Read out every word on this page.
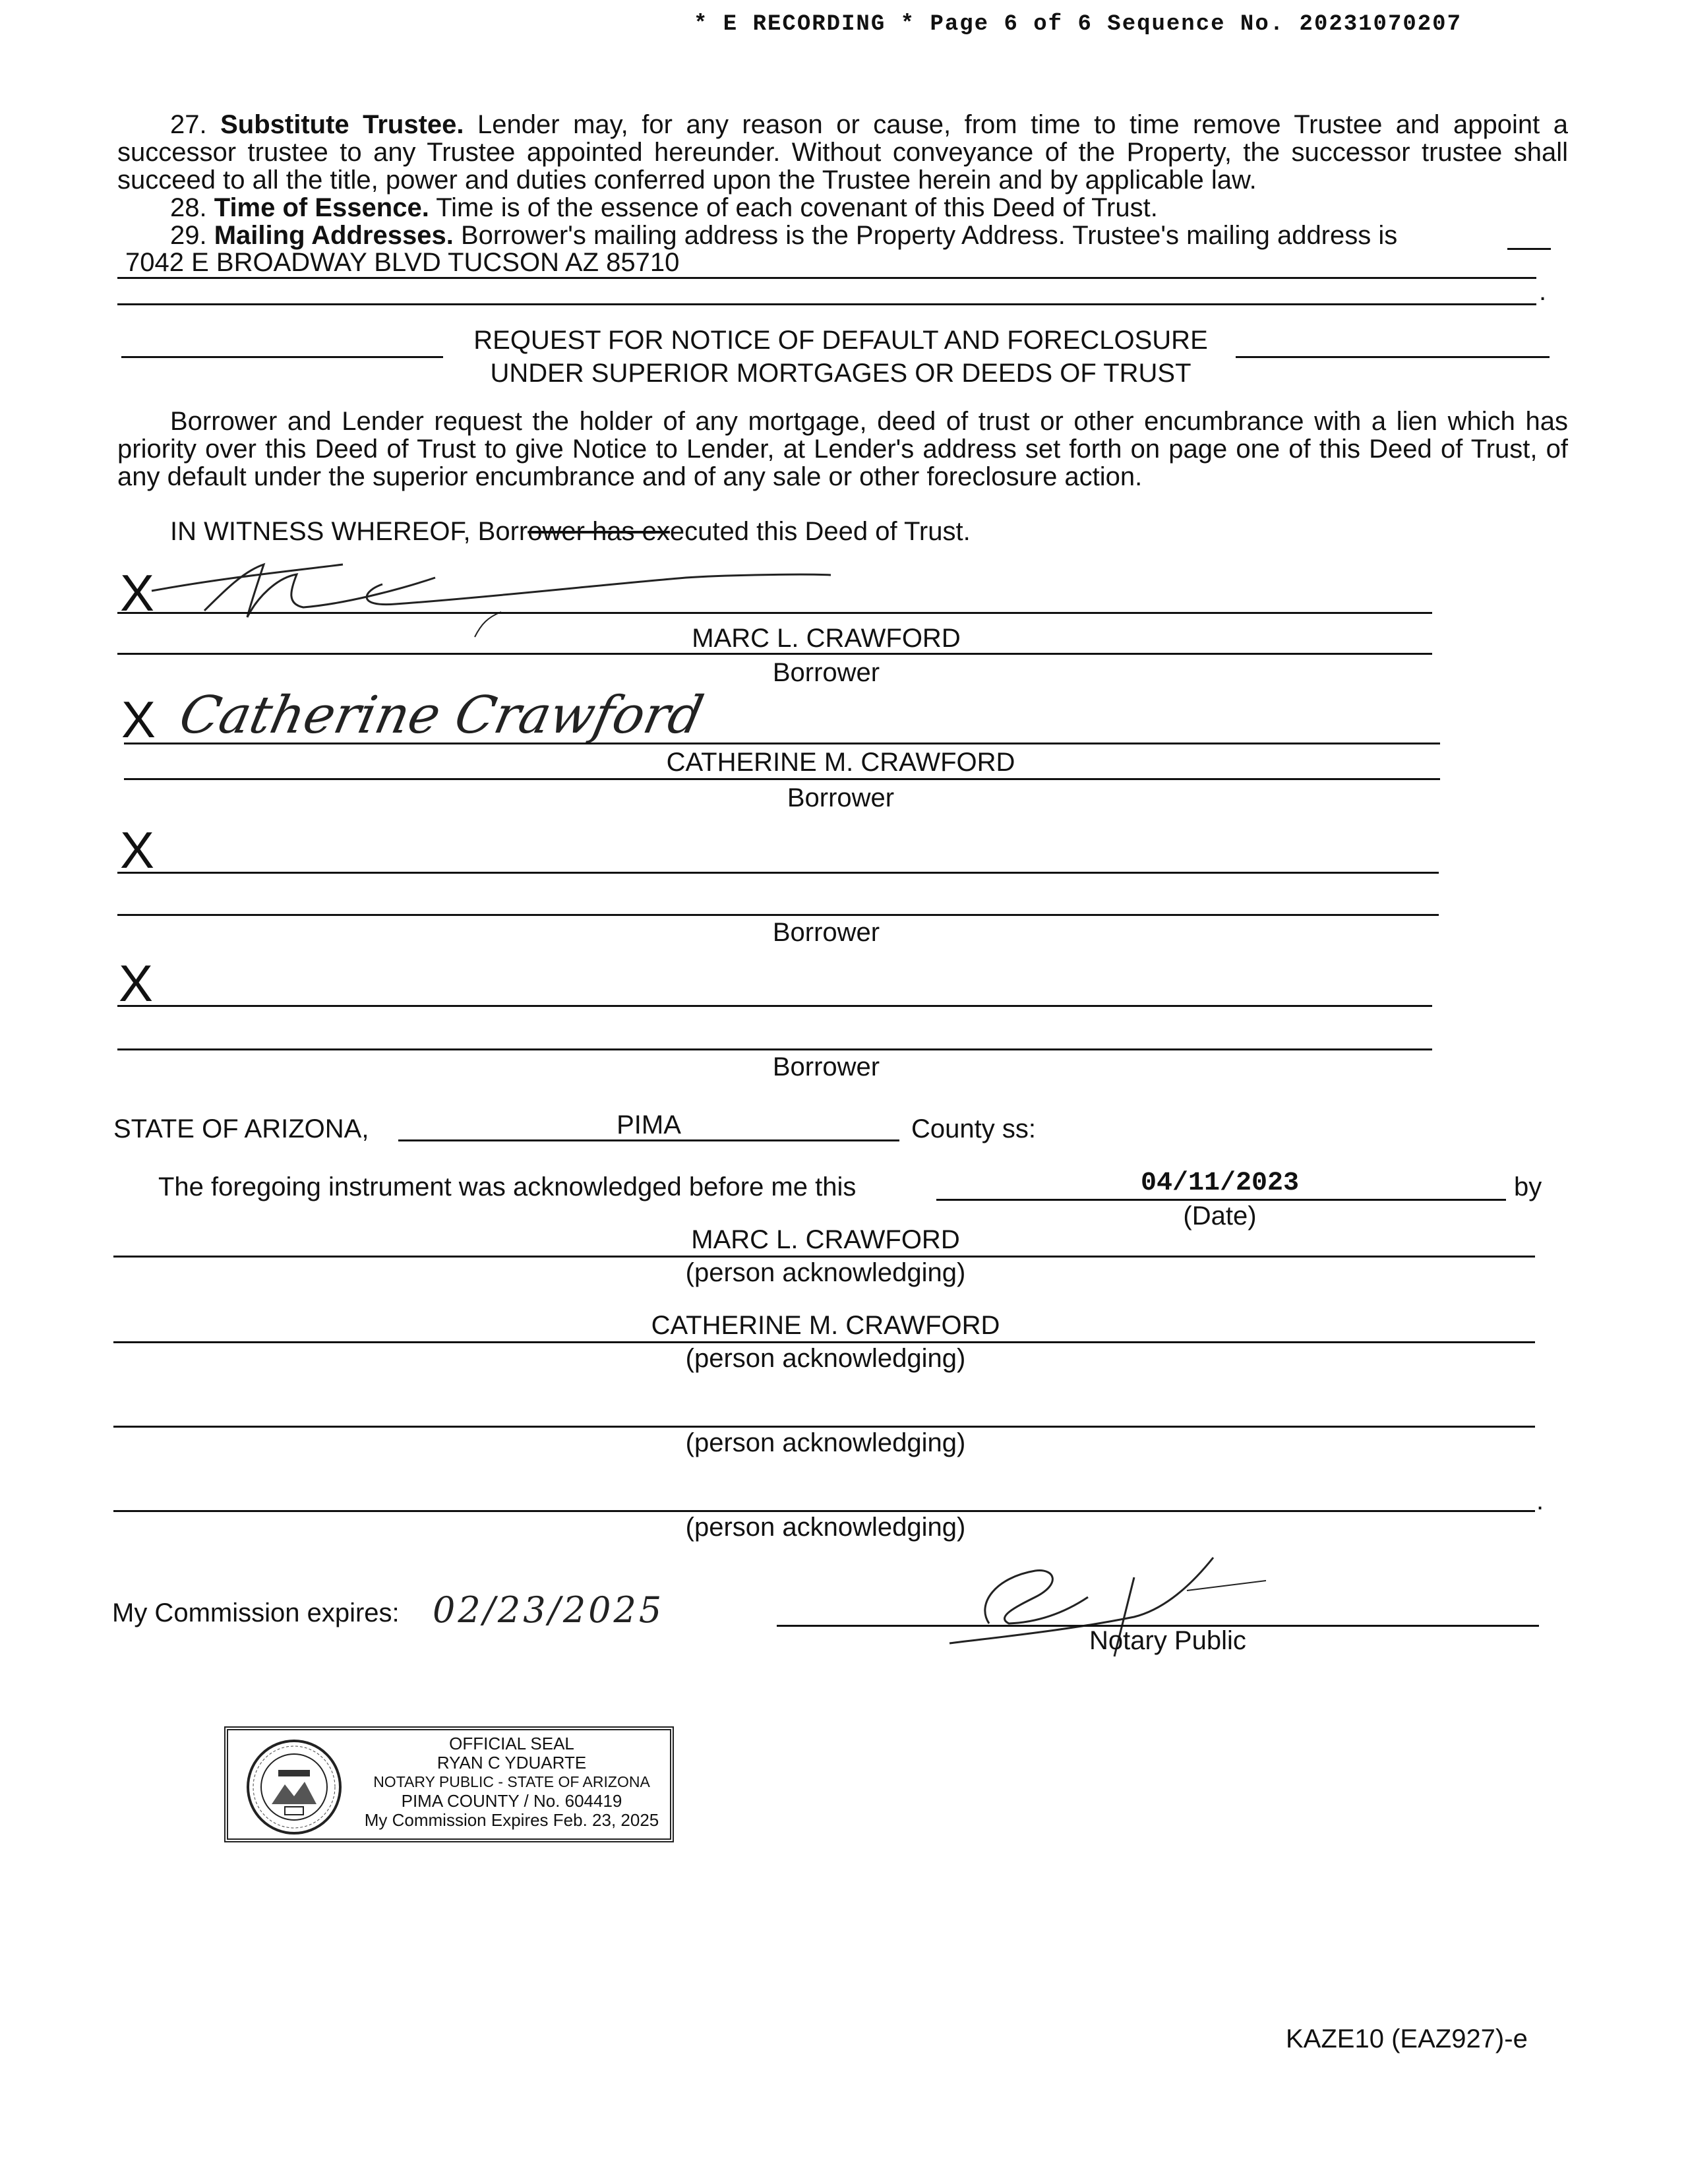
* E RECORDING * Page 6 of 6 Sequence No. 20231070207
27. Substitute Trustee. Lender may, for any reason or cause, from time to time remove Trustee and appoint a successor trustee to any Trustee appointed hereunder. Without conveyance of the Property, the successor trustee shall succeed to all the title, power and duties conferred upon the Trustee herein and by applicable law.
28. Time of Essence. Time is of the essence of each covenant of this Deed of Trust.
29. Mailing Addresses. Borrower's mailing address is the Property Address. Trustee's mailing address is
7042 E BROADWAY BLVD TUCSON AZ 85710
.
REQUEST FOR NOTICE OF DEFAULT AND FORECLOSURE
UNDER SUPERIOR MORTGAGES OR DEEDS OF TRUST
Borrower and Lender request the holder of any mortgage, deed of trust or other encumbrance with a lien which has priority over this Deed of Trust to give Notice to Lender, at Lender's address set forth on page one of this Deed of Trust, of any default under the superior encumbrance and of any sale or other foreclosure action.
IN WITNESS WHEREOF, Borrower has executed this Deed of Trust.
X
MARC L. CRAWFORD
Borrower
X Catherine Crawford
CATHERINE M. CRAWFORD
Borrower
X
Borrower
X
Borrower
STATE OF ARIZONA,	PIMA	County ss:
The foregoing instrument was acknowledged before me this	04/11/2023	by
(Date)
MARC L. CRAWFORD
(person acknowledging)
CATHERINE M. CRAWFORD
(person acknowledging)
(person acknowledging)
.
(person acknowledging)
My Commission expires: 02/23/2025
Notary Public
OFFICIAL SEAL
RYAN C YDUARTE
NOTARY PUBLIC - STATE OF ARIZONA
PIMA COUNTY / No. 604419
My Commission Expires Feb. 23, 2025
KAZE10 (EAZ927)-e
